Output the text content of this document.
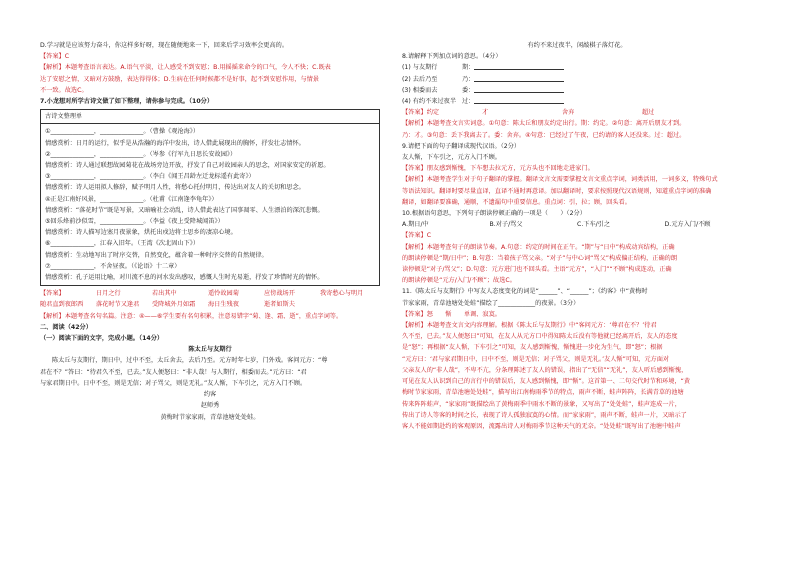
D.学习就是应该努力奋斗，你这样多好呀，现在随便地来一下，回来后学习效率会更高的。
【答案】C
【解析】本题考查语言表达。A.语气平淡，让人感受不到安慰；B.用摇摇来命令的口气，令人不快；C.既表
达了安慰之情，又暗对方鼓励，表达得得体；D.生病在任何时候都不是好事，起不到安慰作用，与情景
不一致。故选C。
7.小龙想对所学古诗文做了如下整理，请你参与完成。（10分）
古诗文整理单
①______________，______________。（曹操《观沧海》）
情感赏析：日月的运行，似乎是从浩瀚的海洋中发出，诗人借此展现出的胸怀，抒发壮志情怀。
②______________，______________。（岑参《行军九日思长安故园》）
情感赏析：诗人通过联想故园菊花在战场旁边开放，抒发了自己对故园亲人的思念，对国家安定的祈愿。
③______________，______________。（李白《闻王昌龄左迁龙标遥有此寄》）
情感赏析：诗人运用拟人修辞，赋予明月人性，将愁心托付明月，传达出对友人的关切和思念。
④正是江南好风景，______________。（杜甫《江南逢李龟年》）
情感赏析：“落花时节”既是写景，又暗喻社会动乱，诗人借此表达了国事凋零、人生漂泊的深沉悲慨。
⑤回乐烽前沙似雪，______________。（李益《夜上受降城闻笛》）
情感赏析：诗人描写边塞月夜景象，烘托出戍边将士思乡的凄凉心境。
⑥______________，江春入旧年。（王湾《次北固山下》）
情感赏析：生动地写出了时序交替，自然变化，蕴含着一种时序交替的自然规律。
⑦______________，不舍昼夜。（《论语》十二章）
情感赏析：孔子运用比喻，对川流不息的河水发出感叹，感慨人生时光易逝，抒发了珍惜时光的情怀。
【答案】	日月之行	若出其中	遥怜故园菊	应傍战场开	我寄愁心与明月
随君直到夜郎西	落花时节又逢君	受降城外月如霜	海日生残夜	逝者如斯夫
【解析】本题考查名句名篇。注意：④——⑥学生要有名句积累，注意易错字“菊、逢、霜、逝”，重点字词等。
二、阅读（42分）
（一）阅读下面的文字，完成小题。（14分）
陈太丘与友期行
陈太丘与友期行，期日中，过中不至，太丘舍去，去后乃至。元方时年七岁，门外戏。客问元方：“尊
君在不？”答曰：“待君久不至，已去。”友人便怒曰：“非人哉！与人期行，相委而去。”元方曰：“君
与家君期日中。日中不至，则是无信；对子骂父，则是无礼。”友人惭，下车引之，元方入门不顾。
约客
赵师秀
黄梅时节家家雨，青草池塘处处蛙。
有约不来过夜半，闲敲棋子落灯花。
8.请解释下列加点词的意思。（4分）
(1) 与友期行	期：
(2) 去后乃至	乃：
(3) 相委而去	委：
(4) 有约不来过夜半 过：
【答案】约定	才	舍弃	超过
【解析】本题考查文言实词意。①句意：陈太丘和朋友约定出行。期：约定。②句意：离开后朋友才到。
乃：才。③句意：丢下我离去了。委：舍弃。④句意：已经过了午夜，已约请的客人还没来。过：超过。
9.请把下面的句子翻译成现代汉语。（2分）
友人惭，下车引之，元方入门不顾。
【答案】朋友感到惭愧，下车想去拉元方，元方头也不回地走进家门。
【解析】本题考查学生对于句子翻译的掌握。翻译文言文需要掌握文言文重点字词，词类活用，一词多义，特殊句式
等语法知识。翻译时要尽量直译，直译不通时再意译。加以翻译时，要求按照现代汉语规则，知道重点字词的准确
翻译，如翻译要准确，通顺，不遗漏句中重要信息。重点词：引，拉；顾，回头看。
10.根据语句意思，下列句子朗读停顿正确的一项是（　　）（2分）
A.期日/中	B.对子/骂父	C.下车/引之	D.元方入门/不顾
【答案】C
【解析】本题考查句子的朗读节奏。A.句意：约定的时间在正午。“期”与“日中”构成动宾结构，正确
的朗读停顿是“期/日中”；B.句意：当着孩子骂父亲。“对子”与中心词“骂父”构成偏正结构，正确的朗
读停顿是“对子/骂父”；D.句意：元方进门也不回头看。主语“元方”，“入门”“不顾”构成连动，正确
的朗读停顿是“元方/入门/不顾”；故选C。
11.《陈太丘与友期行》中写友人态度变化的词是“______”、“______”；《约客》中“黄梅时
节家家雨，青草池塘处处蛙”描绘了____________的夜景。（3分）
【答案】怒　　惭　　单调、寂寞。
【解析】本题考查文言文内容理解。根据《陈太丘与友期行》中“客问元方：‘尊君在不？’待君
久不至，已去。”友人便怒曰”可知，在友人从元方口中得知陈太丘没有等他就已经离开后，友人的态度
是“怒”；再根据“友人惭，下车引之”可知，友人感到惭愧，惭愧进一步化为生气，即“怒”；根据
“元方曰：‘君与家君期日中，日中不至，则是无信；对子骂父，则是无礼。’友人惭”可知，元方面对
父亲友人的“非人哉”，不卑不亢，分条理陈述了友人的错误，指出了“无信”“无礼”，友人听后感到惭愧，
可见在友人认识到自己的言行中的错误后，友人感到惭愧，即“惭”。这首第一、二句交代时节和环境，“黄
梅时节家家雨，青草池塘处处蛙”，描写出江南梅雨季节的特点，雨声不断，蛙声阵阵，长满青草的池塘
传来阵阵蛙声，“家家雨”既描绘出了黄梅雨季中雨水不断的景象，又写出了“处处蛙”，蛙声连成一片，
传出了诗人等客的时间之长，表现了诗人孤独寂寞的心情。而“家家雨”，雨声不断，蛙声一片，又暗示了
客人不能如期赴约的客观原因，流露出诗人对梅雨季节这种天气的无奈。“处处蛙”既写出了池塘中蛙声
